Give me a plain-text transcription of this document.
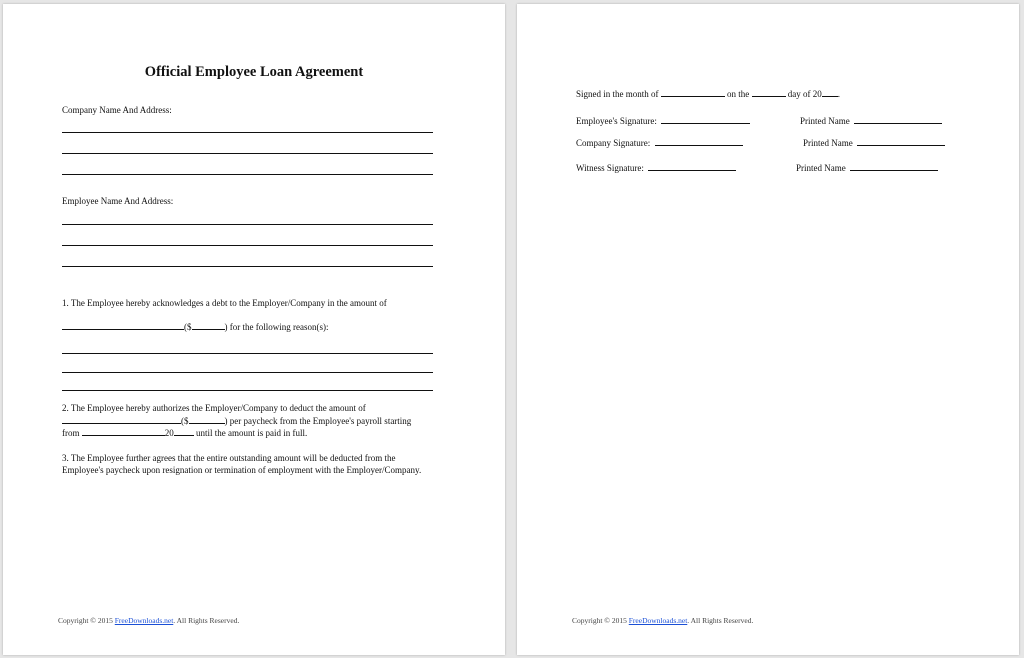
Official Employee Loan Agreement
Company Name And Address:
Employee Name And Address:
1. The Employee hereby acknowledges a debt to the Employer/Company in the amount of
($	) for the following reason(s):
2. The Employee hereby authorizes the Employer/Company to deduct the amount of
($	) per paycheck from the Employee's payroll starting
from	20 until the amount is paid in full.
3. The Employee further agrees that the entire outstanding amount will be deducted from the Employee's paycheck upon resignation or termination of employment with the Employer/Company.
Copyright © 2015 FreeDownloads.net. All Rights Reserved.
Signed in the month of	on the	day of 20 .
Employee's Signature:	Printed Name
Company Signature:	Printed Name
Witness Signature:	Printed Name
Copyright © 2015 FreeDownloads.net. All Rights Reserved.
